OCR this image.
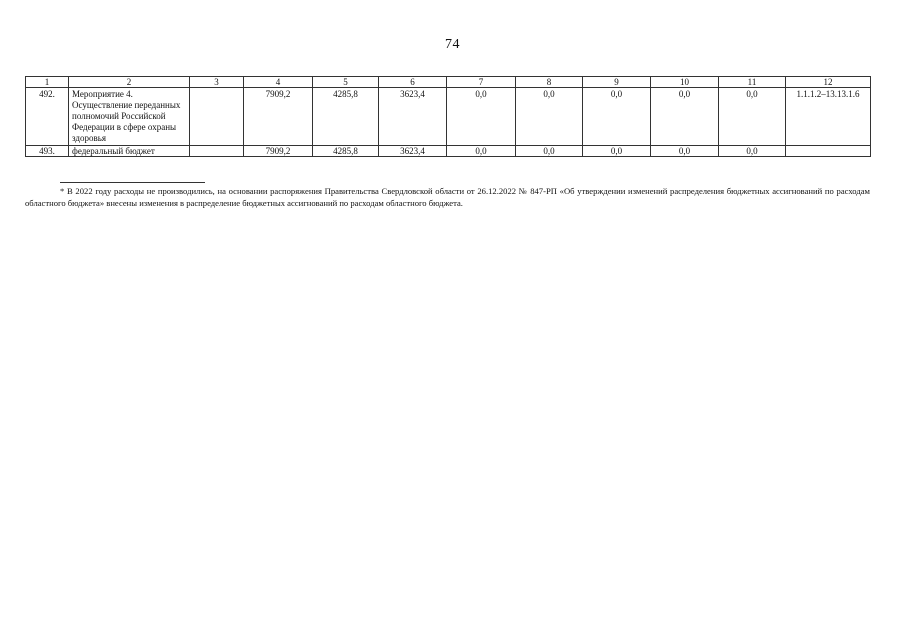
74
1	2	3	4	5	6	7	8	9	10	11	12
492.	Мероприятие 4. Осуществление переданных полномочий Российской Федерации в сфере охраны здоровья		7909,2	4285,8	3623,4	0,0	0,0	0,0	0,0	0,0	1.1.1.2–13.13.1.6
493.	федеральный бюджет		7909,2	4285,8	3623,4	0,0	0,0	0,0	0,0	0,0	
* В 2022 году расходы не производились, на основании распоряжения Правительства Свердловской области от 26.12.2022 № 847-РП «Об утверждении изменений распределения бюджетных ассигнований по расходам областного бюджета» внесены изменения в распределение бюджетных ассигнований по расходам областного бюджета.
